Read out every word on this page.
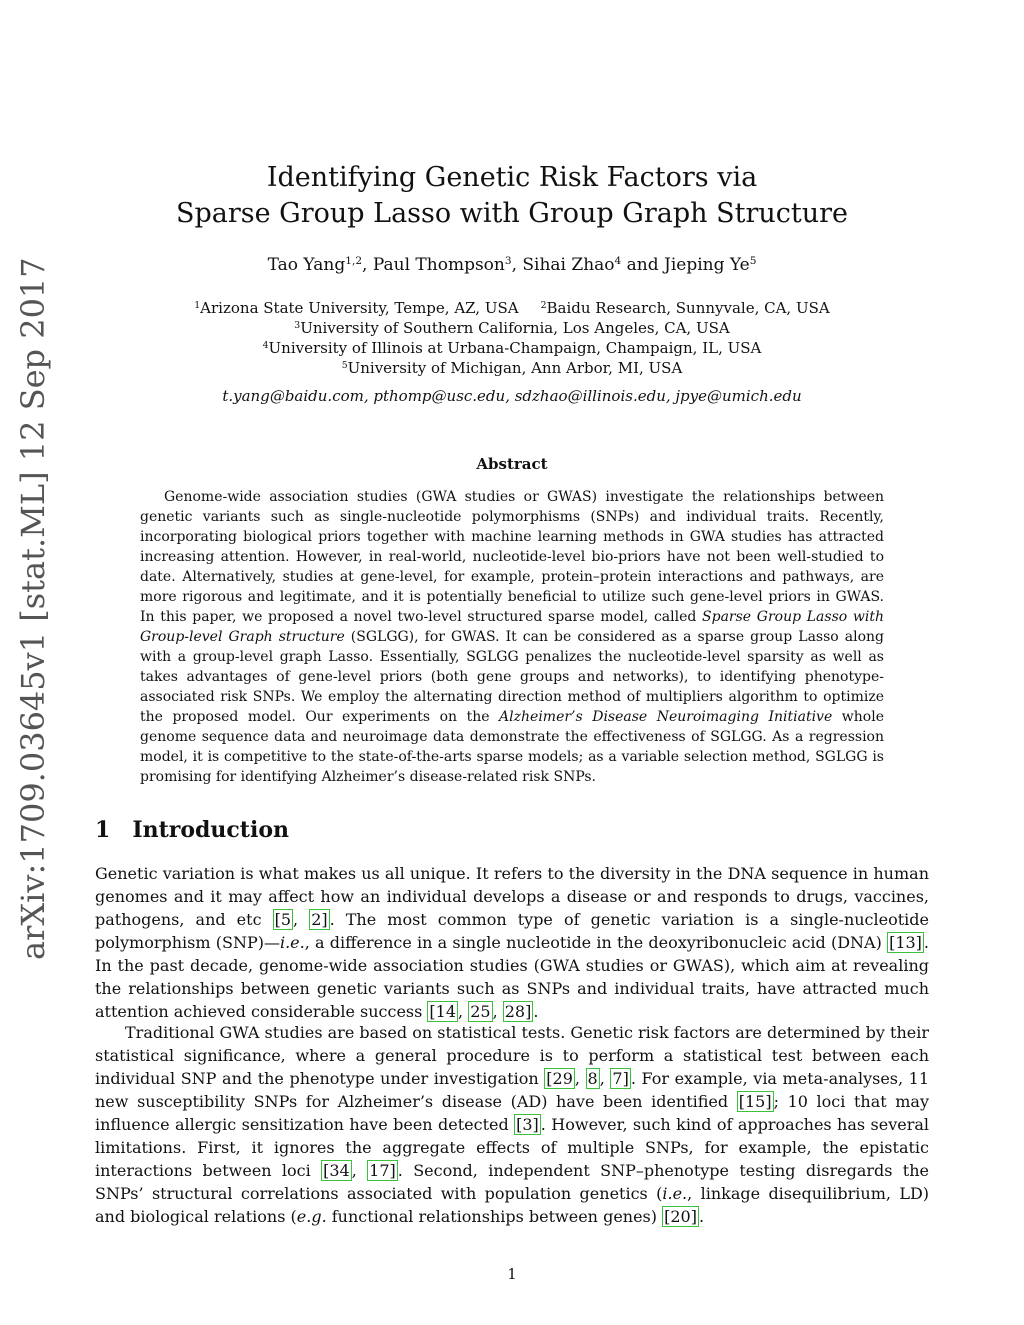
arXiv:1709.03645v1 [stat.ML] 12 Sep 2017
Identifying Genetic Risk Factors via
Sparse Group Lasso with Group Graph Structure
Tao Yang$^{1,2}$, Paul Thompson$^3$, Sihai Zhao$^4$ and Jieping Ye$^5$
$^1$Arizona State University, Tempe, AZ, USA $^2$Baidu Research, Sunnyvale, CA, USA
$^3$University of Southern California, Los Angeles, CA, USA
$^4$University of Illinois at Urbana-Champaign, Champaign, IL, USA
$^5$University of Michigan, Ann Arbor, MI, USA
t.yang@baidu.com, pthomp@usc.edu, sdzhao@illinois.edu, jpye@umich.edu
Abstract

Genome-wide association studies (GWA studies or GWAS) investigate the relationships between genetic variants such as single-nucleotide polymorphisms (SNPs) and individual traits. Recently, incorporating biological priors together with machine learning methods in GWA studies has attracted increasing attention. However, in real-world, nucleotide-level bio-priors have not been well-studied to date. Alternatively, studies at gene-level, for example, protein–protein interactions and pathways, are more rigorous and legitimate, and it is potentially beneficial to utilize such gene-level priors in GWAS. In this paper, we proposed a novel two-level structured sparse model, called Sparse Group Lasso with Group-level Graph structure (SGLGG), for GWAS. It can be considered as a sparse group Lasso along with a group-level graph Lasso. Essentially, SGLGG penalizes the nucleotide-level sparsity as well as takes advantages of gene-level priors (both gene groups and networks), to identifying phenotype-associated risk SNPs. We employ the alternating direction method of multipliers algorithm to optimize the proposed model. Our experiments on the Alzheimer’s Disease Neuroimaging Initiative whole genome sequence data and neuroimage data demonstrate the effectiveness of SGLGG. As a regression model, it is competitive to the state-of-the-arts sparse models; as a variable selection method, SGLGG is promising for identifying Alzheimer’s disease-related risk SNPs.

1 Introduction

Genetic variation is what makes us all unique. It refers to the diversity in the DNA sequence in human genomes and it may affect how an individual develops a disease or and responds to drugs, vaccines, pathogens, and etc [5 , 2] . The most common type of genetic variation is a single-nucleotide polymorphism (SNP)—i.e., a difference in a single nucleotide in the deoxyribonucleic acid (DNA) [13] . In the past decade, genome-wide association studies (GWA studies or GWAS), which aim at revealing the relationships between genetic variants such as SNPs and individual traits, have attracted much attention achieved considerable success [14 , 25 , 28] .

Traditional GWA studies are based on statistical tests. Genetic risk factors are determined by their statistical significance, where a general procedure is to perform a statistical test between each individual SNP and the phenotype under investigation [29 , 8 , 7] . For example, via meta-analyses, 11 new susceptibility SNPs for Alzheimer’s disease (AD) have been identified [15] ; 10 loci that may influence allergic sensitization have been detected [3] . However, such kind of approaches has several limitations. First, it ignores the aggregate effects of multiple SNPs, for example, the epistatic interactions between loci [34 , 17] . Second, independent SNP–phenotype testing disregards the SNPs’ structural correlations associated with population genetics (i.e., linkage disequilibrium, LD) and biological relations (e.g. functional relationships between genes) [20] .

1
